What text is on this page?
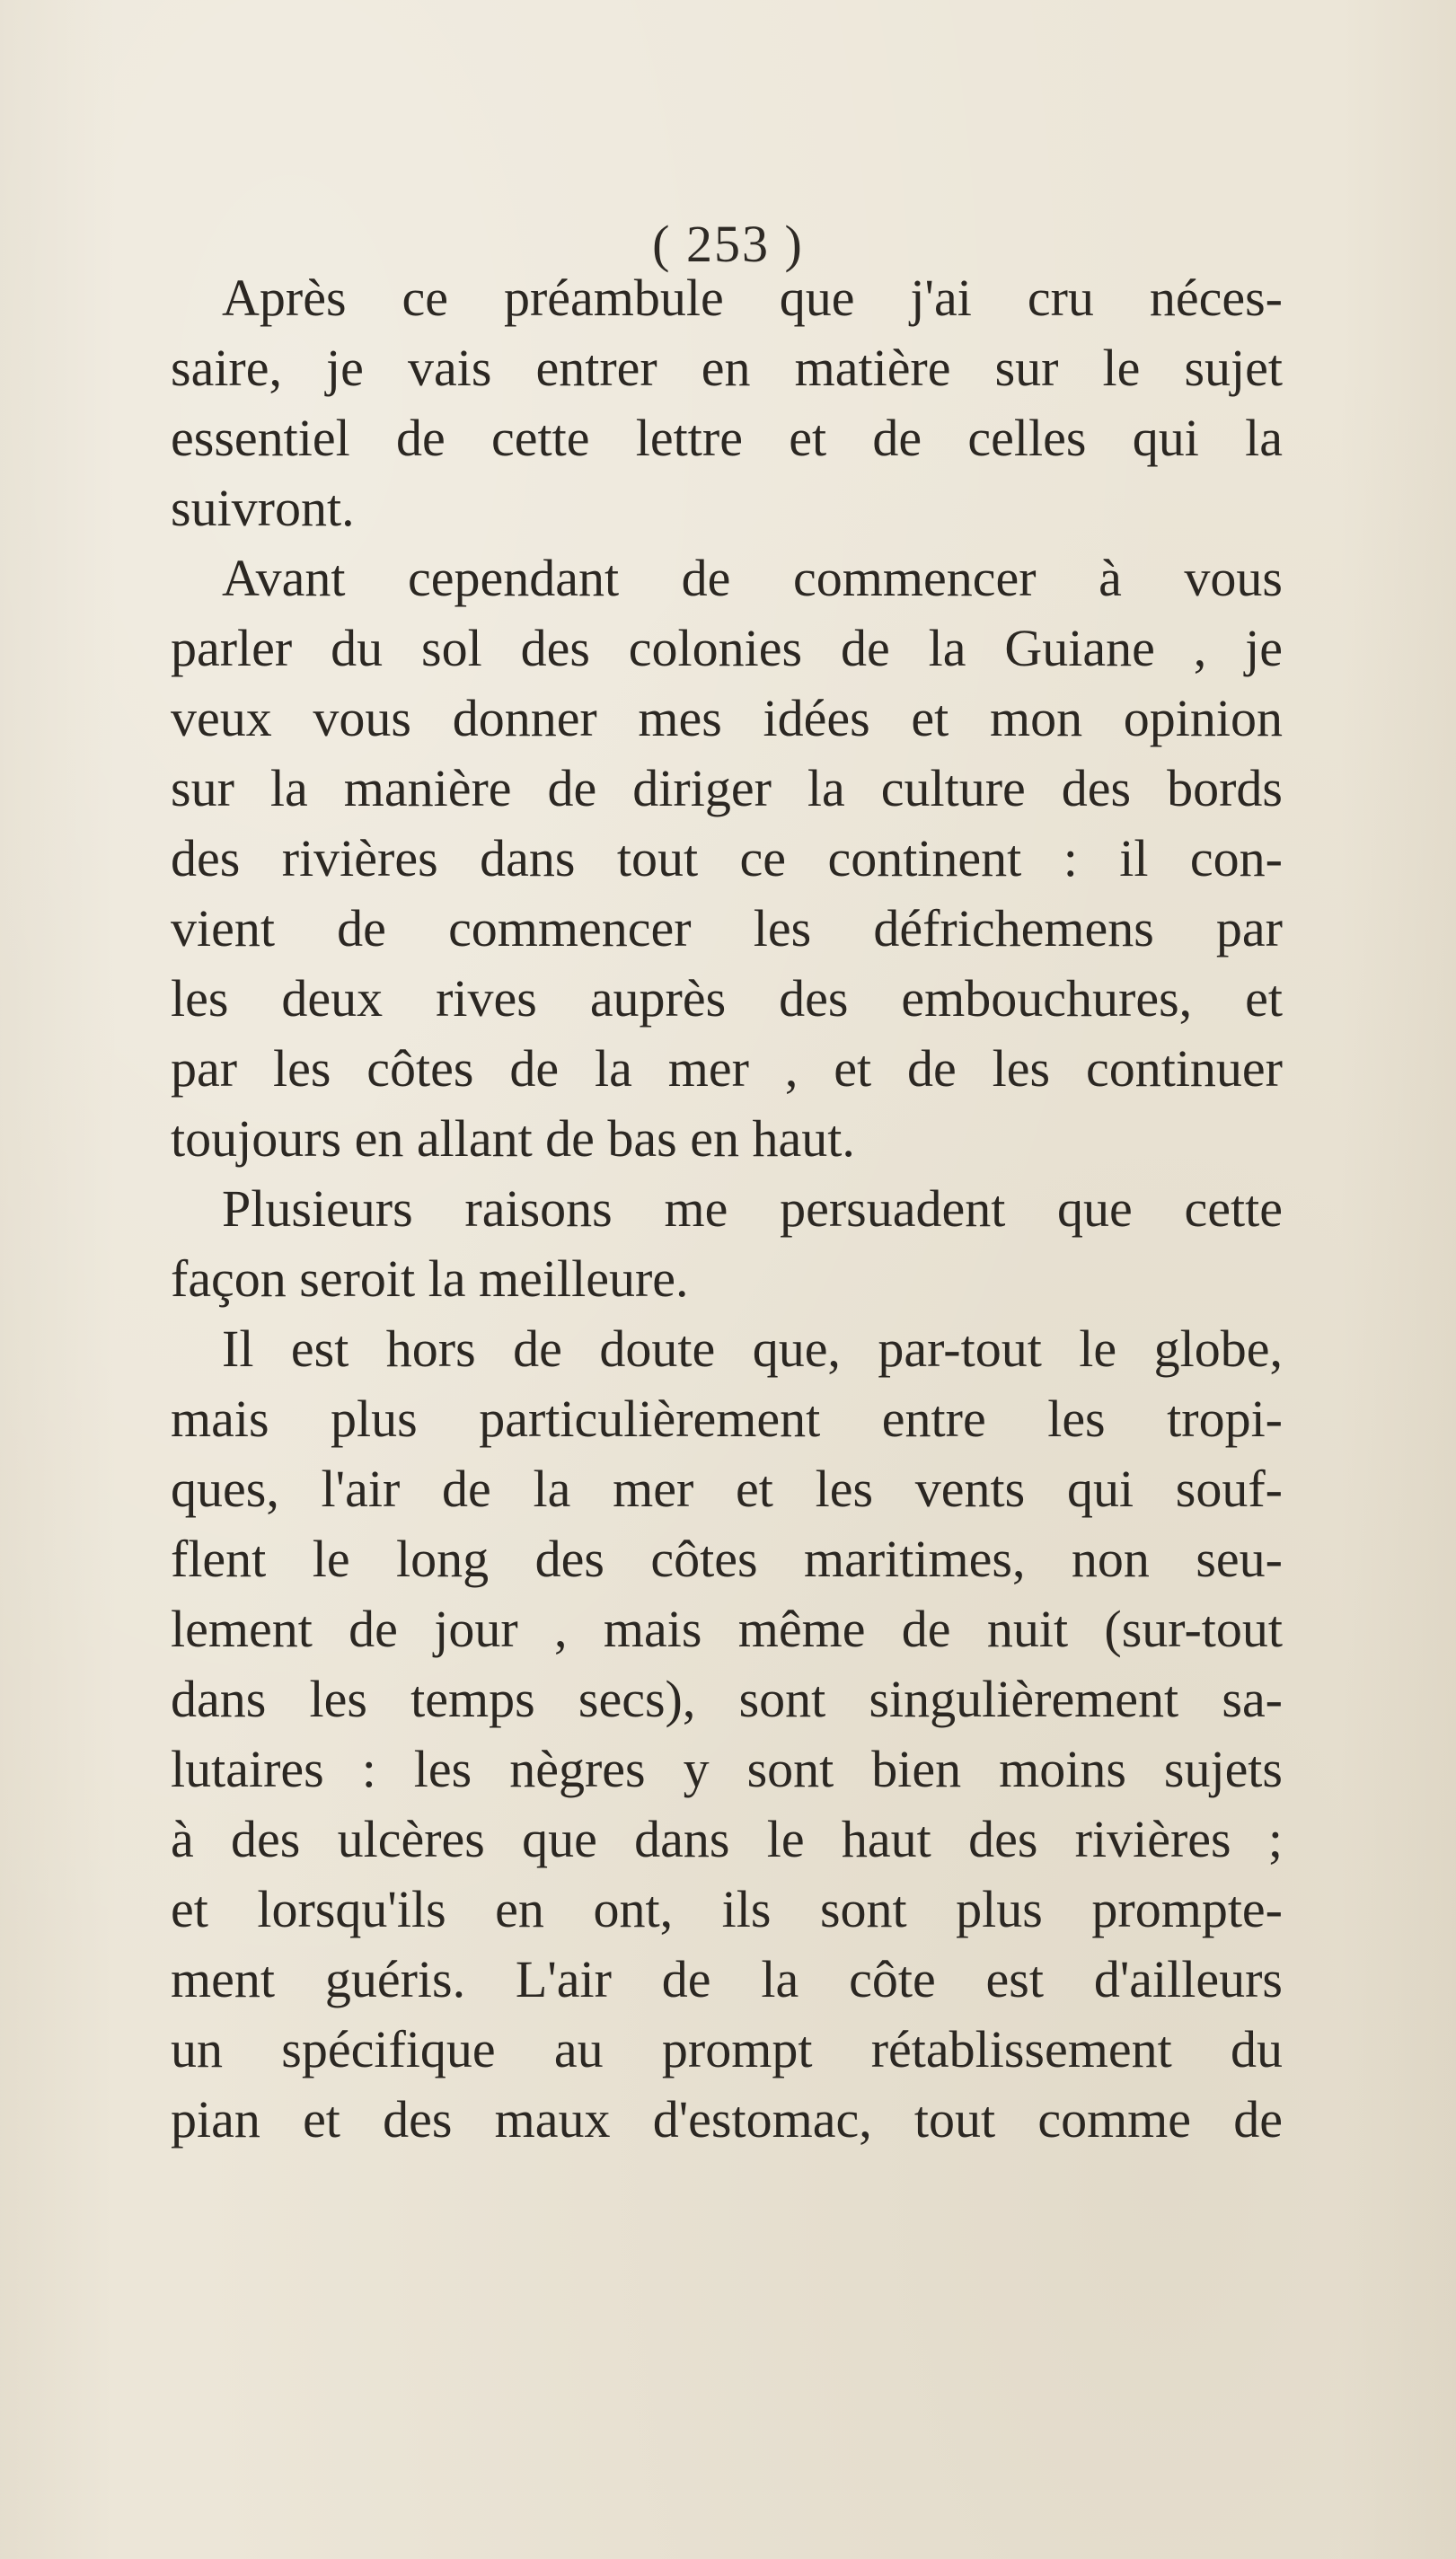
( 253 )
Après ce préambule que j'ai cru néces-
saire, je vais entrer en matière sur le sujet
essentiel de cette lettre et de celles qui la
suivront.
Avant cependant de commencer à vous
parler du sol des colonies de la Guiane , je
veux vous donner mes idées et mon opinion
sur la manière de diriger la culture des bords
des rivières dans tout ce continent : il con-
vient de commencer les défrichemens par
les deux rives auprès des embouchures, et
par les côtes de la mer , et de les continuer
toujours en allant de bas en haut.
Plusieurs raisons me persuadent que cette
façon seroit la meilleure.
Il est hors de doute que, par-tout le globe,
mais plus particulièrement entre les tropi-
ques, l'air de la mer et les vents qui souf-
flent le long des côtes maritimes, non seu-
lement de jour , mais même de nuit (sur-tout
dans les temps secs), sont singulièrement sa-
lutaires : les nègres y sont bien moins sujets
à des ulcères que dans le haut des rivières ;
et lorsqu'ils en ont, ils sont plus prompte-
ment guéris. L'air de la côte est d'ailleurs
un spécifique au prompt rétablissement du
pian et des maux d'estomac, tout comme de
